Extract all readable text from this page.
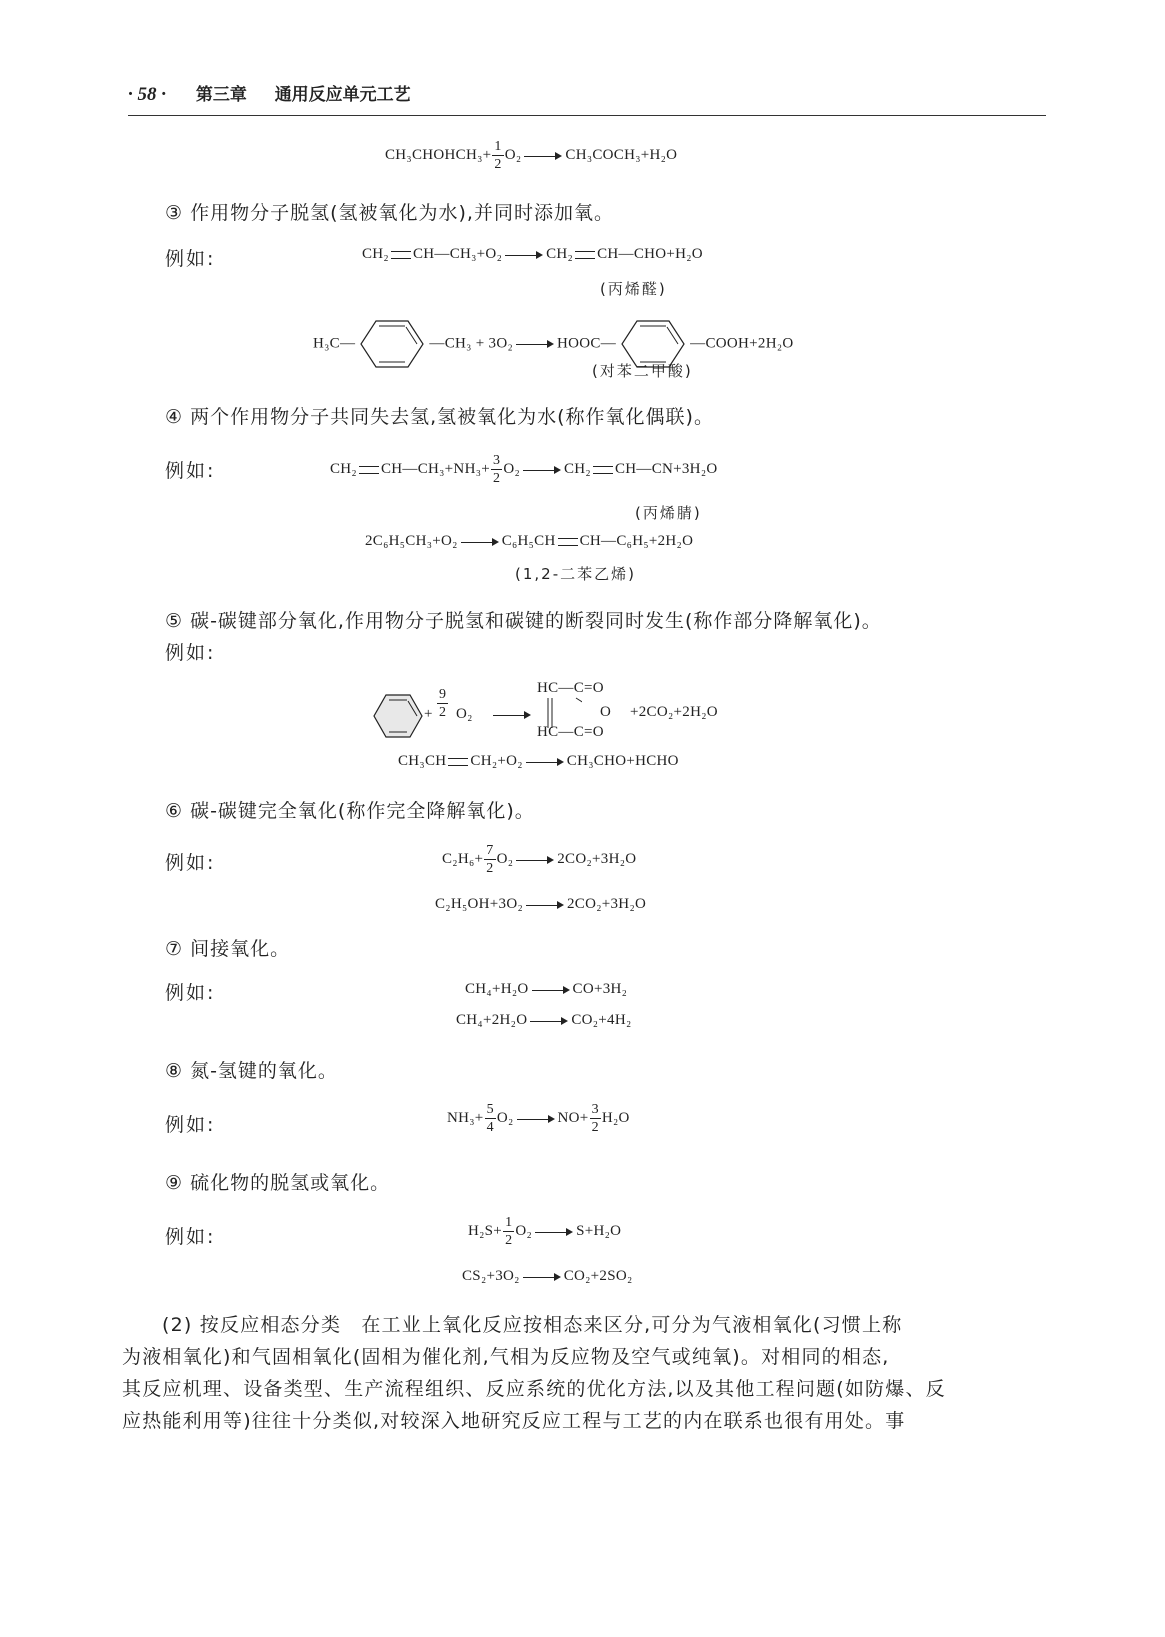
· 58 · 第三章 通用反应单元工艺
CH₃CHOHCH₃+ $\frac{1}{2} O_2$	CH₃COCH₃+H₂O
③ 作用物分子脱氢(氢被氧化为水),并同时添加氧。
例如:	CH₂ CH—CH₃+O₂	CH₂ CH—CHO+H₂O
(丙烯醛)
H₃C—	—CH₃ + 3O₂	HOOC—	—COOH+2H₂O
(对苯二甲酸)
④ 两个作用物分子共同失去氢,氢被氧化为水(称作氧化偶联)。
例如:	CH₂ CH—CH₃+NH₃+ $\frac{3}{2} O_2$	CH₂ CH—CN+3H₂O
(丙烯腈)
2C₆H₅CH₃+O₂	C₆H₅CH CH—C₆H₅+2H₂O
(1,2-二苯乙烯)
⑤ 碳-碳键部分氧化,作用物分子脱氢和碳键的断裂同时发生(称作部分降解氧化)。
例如:
+ $\frac{9}{2} O_2$
HC—C=O
O
HC—C=O
+2CO₂+2H₂O
CH₃CH CH₂+O₂	CH₃CHO+HCHO
⑥ 碳-碳键完全氧化(称作完全降解氧化)。
例如:	$C_2H_6+ \frac{7}{2} O_2$	2CO₂+3H₂O
C₂H₅OH+3O₂	2CO₂+3H₂O
⑦ 间接氧化。
例如:	CH₄+H₂O	CO+3H₂
CH₄+2H₂O	CO₂+4H₂
⑧ 氮-氢键的氧化。
例如:	$NH_3+ \frac{5}{4} O_2$	$NO+ \frac{3}{2} H_2O$
⑨ 硫化物的脱氢或氧化。
例如:	$H_2S+ \frac{1}{2} O_2$	S+H₂O
CS₂+3O₂	CO₂+2SO₂
(2) 按反应相态分类　在工业上氧化反应按相态来区分,可分为气液相氧化(习惯上称
为液相氧化)和气固相氧化(固相为催化剂,气相为反应物及空气或纯氧)。对相同的相态,
其反应机理、设备类型、生产流程组织、反应系统的优化方法,以及其他工程问题(如防爆、反
应热能利用等)往往十分类似,对较深入地研究反应工程与工艺的内在联系也很有用处。事
